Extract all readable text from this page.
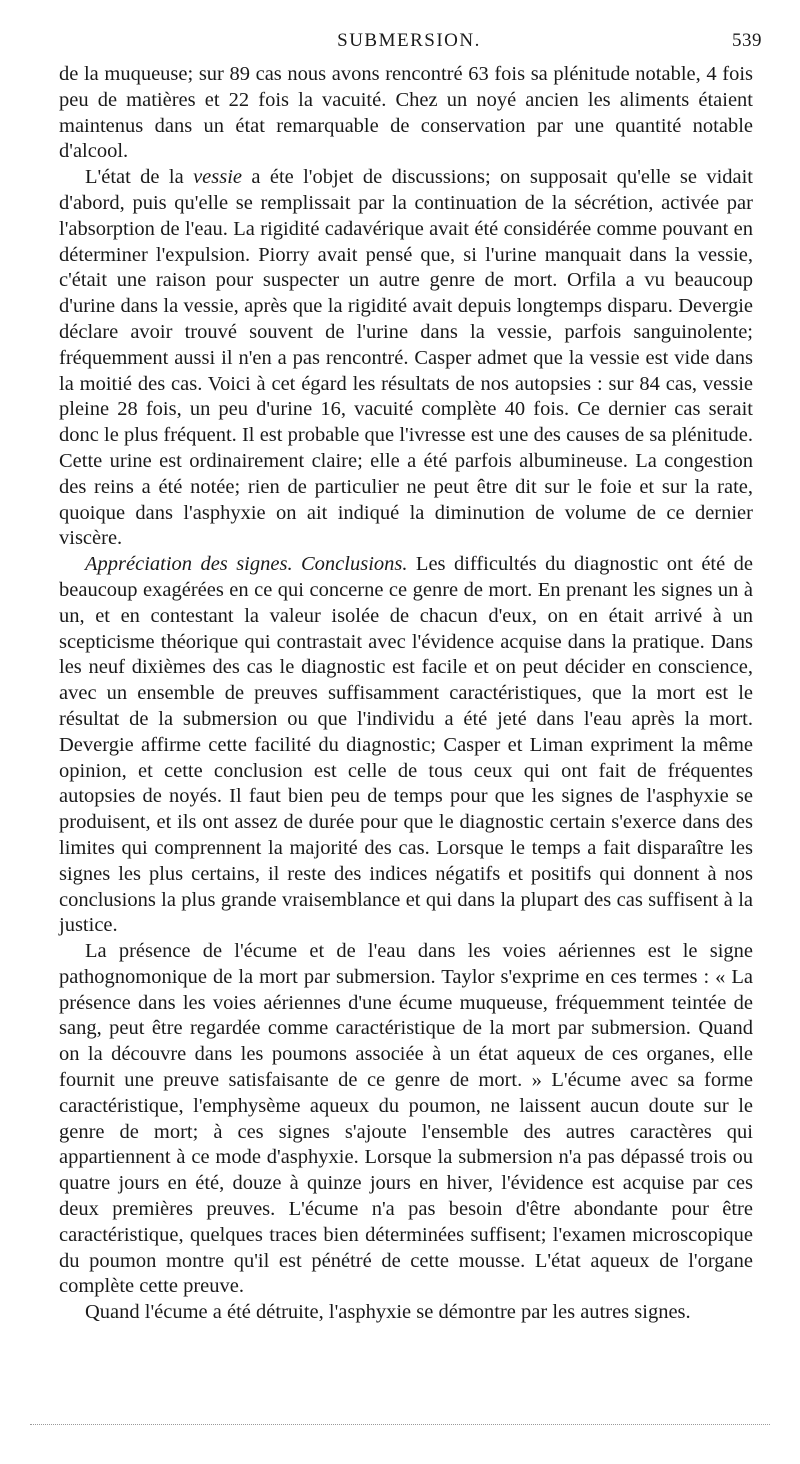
SUBMERSION.	539

de la muqueuse; sur 89 cas nous avons rencontré 63 fois sa plénitude notable, 4 fois peu de matières et 22 fois la vacuité. Chez un noyé ancien les aliments étaient maintenus dans un état remarquable de conservation par une quantité notable d'alcool.

L'état de la vessie a éte l'objet de discussions; on supposait qu'elle se vidait d'abord, puis qu'elle se remplissait par la continuation de la sécrétion, activée par l'absorption de l'eau. La rigidité cadavérique avait été considérée comme pouvant en déterminer l'expulsion. Piorry avait pensé que, si l'urine manquait dans la vessie, c'était une raison pour suspecter un autre genre de mort. Orfila a vu beaucoup d'urine dans la vessie, après que la rigidité avait depuis longtemps disparu. Devergie déclare avoir trouvé souvent de l'urine dans la vessie, parfois sanguinolente; fréquemment aussi il n'en a pas rencontré. Casper admet que la vessie est vide dans la moitié des cas. Voici à cet égard les résultats de nos autopsies : sur 84 cas, vessie pleine 28 fois, un peu d'urine 16, vacuité complète 40 fois. Ce dernier cas serait donc le plus fréquent. Il est probable que l'ivresse est une des causes de sa plénitude. Cette urine est ordinairement claire; elle a été parfois albumineuse. La congestion des reins a été notée; rien de particulier ne peut être dit sur le foie et sur la rate, quoique dans l'asphyxie on ait indiqué la diminution de volume de ce dernier viscère.

Appréciation des signes. Conclusions. Les difficultés du diagnostic ont été de beaucoup exagérées en ce qui concerne ce genre de mort. En prenant les signes un à un, et en contestant la valeur isolée de chacun d'eux, on en était arrivé à un scepticisme théorique qui contrastait avec l'évidence acquise dans la pratique. Dans les neuf dixièmes des cas le diagnostic est facile et on peut décider en conscience, avec un ensemble de preuves suffisamment caractéristiques, que la mort est le résultat de la submersion ou que l'individu a été jeté dans l'eau après la mort. Devergie affirme cette facilité du diagnostic; Casper et Liman expriment la même opinion, et cette conclusion est celle de tous ceux qui ont fait de fréquentes autopsies de noyés. Il faut bien peu de temps pour que les signes de l'asphyxie se produisent, et ils ont assez de durée pour que le diagnostic certain s'exerce dans des limites qui comprennent la majorité des cas. Lorsque le temps a fait disparaître les signes les plus certains, il reste des indices négatifs et positifs qui donnent à nos conclusions la plus grande vraisemblance et qui dans la plupart des cas suffisent à la justice.

La présence de l'écume et de l'eau dans les voies aériennes est le signe pathognomonique de la mort par submersion. Taylor s'exprime en ces termes : « La présence dans les voies aériennes d'une écume muqueuse, fréquemment teintée de sang, peut être regardée comme caractéristique de la mort par submersion. Quand on la découvre dans les poumons associée à un état aqueux de ces organes, elle fournit une preuve satisfaisante de ce genre de mort. » L'écume avec sa forme caractéristique, l'emphysème aqueux du poumon, ne laissent aucun doute sur le genre de mort; à ces signes s'ajoute l'ensemble des autres caractères qui appartiennent à ce mode d'asphyxie. Lorsque la submersion n'a pas dépassé trois ou quatre jours en été, douze à quinze jours en hiver, l'évidence est acquise par ces deux premières preuves. L'écume n'a pas besoin d'être abondante pour être caractéristique, quelques traces bien déterminées suffisent; l'examen microscopique du poumon montre qu'il est pénétré de cette mousse. L'état aqueux de l'organe complète cette preuve.

Quand l'écume a été détruite, l'asphyxie se démontre par les autres signes.
